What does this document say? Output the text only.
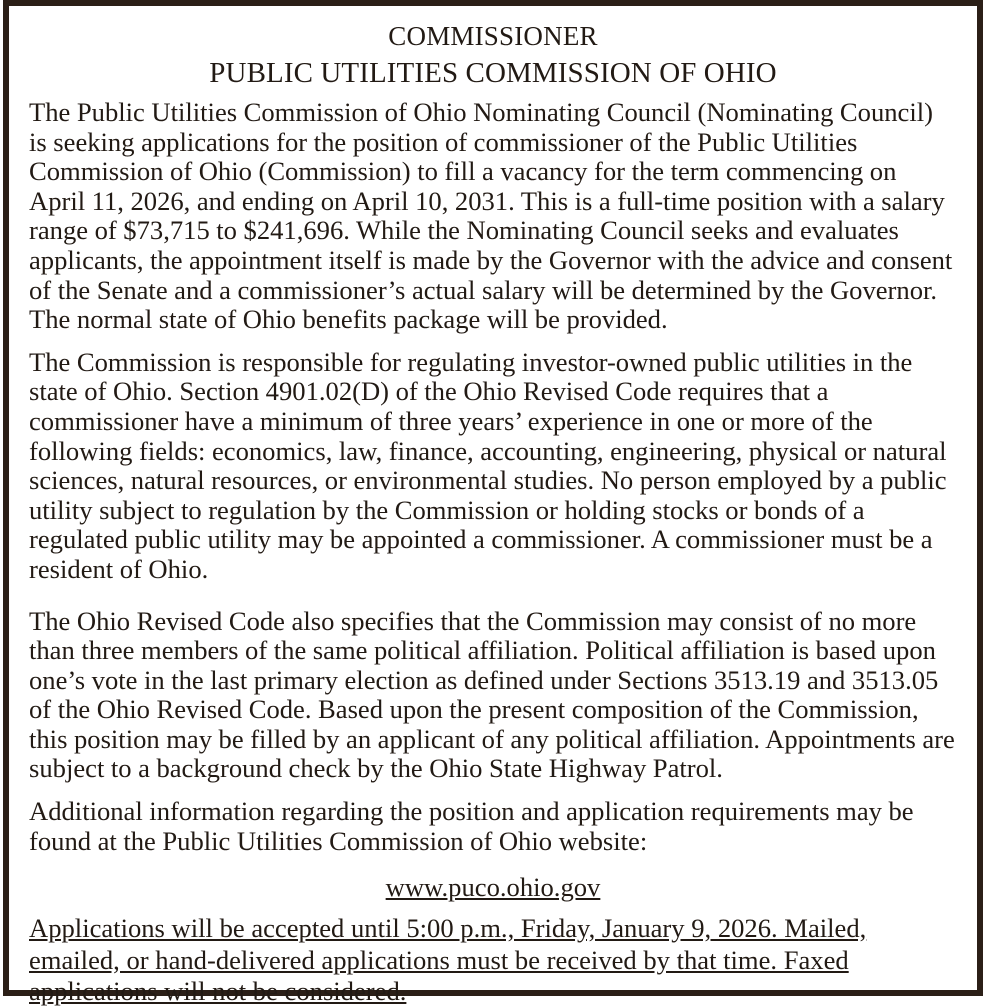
COMMISSIONER
PUBLIC UTILITIES COMMISSION OF OHIO

The Public Utilities Commission of Ohio Nominating Council (Nominating Council) is seeking applications for the position of commissioner of the Public Utilities Commission of Ohio (Commission) to fill a vacancy for the term commencing on April 11, 2026, and ending on April 10, 2031. This is a full-time position with a salary range of $73,715 to $241,696. While the Nominating Council seeks and evaluates applicants, the appointment itself is made by the Governor with the advice and consent of the Senate and a commissioner’s actual salary will be determined by the Governor. The normal state of Ohio benefits package will be provided.

The Commission is responsible for regulating investor-owned public utilities in the state of Ohio. Section 4901.02(D) of the Ohio Revised Code requires that a commissioner have a minimum of three years’ experience in one or more of the following fields: economics, law, finance, accounting, engineering, physical or natural sciences, natural resources, or environmental studies. No person employed by a public utility subject to regulation by the Commission or holding stocks or bonds of a regulated public utility may be appointed a commissioner. A commissioner must be a resident of Ohio.

The Ohio Revised Code also specifies that the Commission may consist of no more than three members of the same political affiliation. Political affiliation is based upon one’s vote in the last primary election as defined under Sections 3513.19 and 3513.05 of the Ohio Revised Code. Based upon the present composition of the Commission, this position may be filled by an applicant of any political affiliation. Appointments are subject to a background check by the Ohio State Highway Patrol.

Additional information regarding the position and application requirements may be found at the Public Utilities Commission of Ohio website:

www.puco.ohio.gov

Applications will be accepted until 5:00 p.m., Friday, January 9, 2026. Mailed, emailed, or hand-delivered applications must be received by that time. Faxed applications will not be considered.
